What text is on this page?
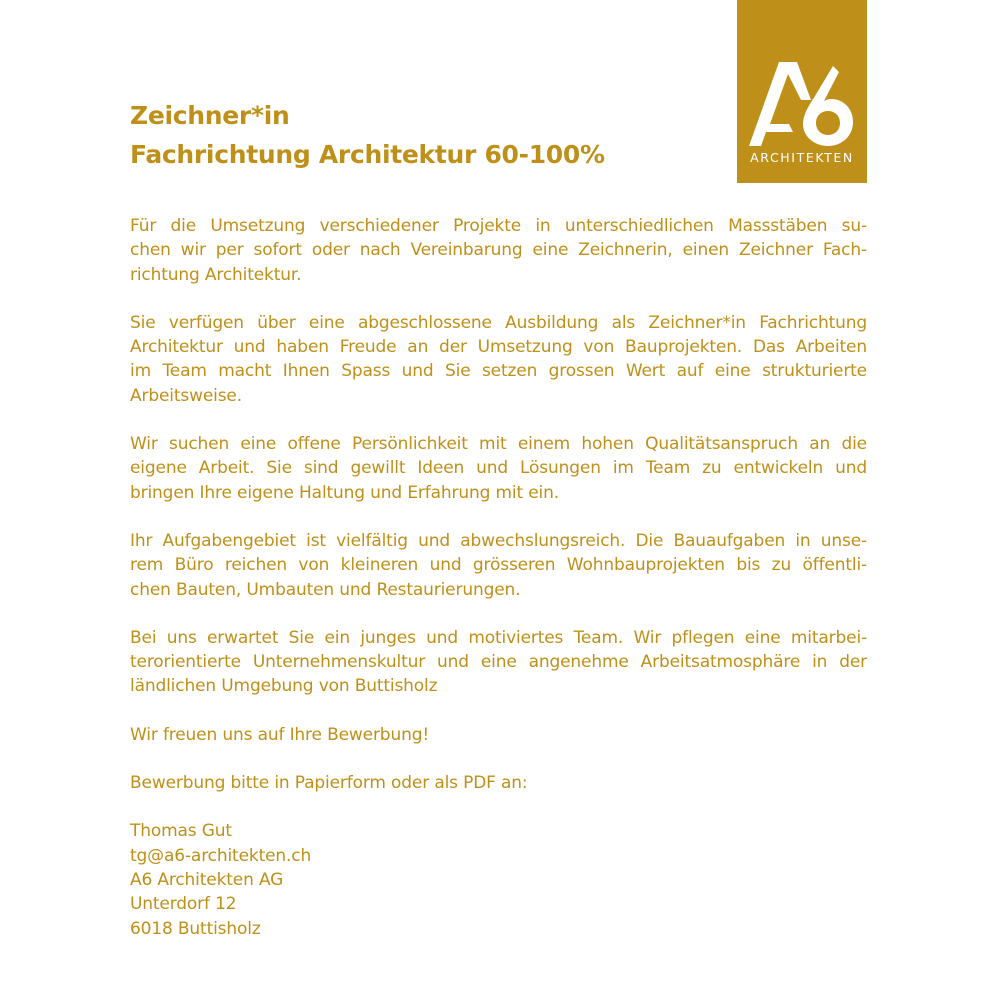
ARCHITEKTEN
Zeichner*in
Fachrichtung Architektur 60-100%

Für die Umsetzung verschiedener Projekte in unterschiedlichen Massstäben su-
chen wir per sofort oder nach Vereinbarung eine Zeichnerin, einen Zeichner Fach-
richtung Architektur.

Sie verfügen über eine abgeschlossene Ausbildung als Zeichner*in Fachrichtung
Architektur und haben Freude an der Umsetzung von Bauprojekten. Das Arbeiten
im Team macht Ihnen Spass und Sie setzen grossen Wert auf eine strukturierte
Arbeitsweise.

Wir suchen eine offene Persönlichkeit mit einem hohen Qualitätsanspruch an die
eigene Arbeit. Sie sind gewillt Ideen und Lösungen im Team zu entwickeln und
bringen Ihre eigene Haltung und Erfahrung mit ein.

Ihr Aufgabengebiet ist vielfältig und abwechslungsreich. Die Bauaufgaben in unse-
rem Büro reichen von kleineren und grösseren Wohnbauprojekten bis zu öffentli-
chen Bauten, Umbauten und Restaurierungen.

Bei uns erwartet Sie ein junges und motiviertes Team. Wir pflegen eine mitarbei-
terorientierte Unternehmenskultur und eine angenehme Arbeitsatmosphäre in der
ländlichen Umgebung von Buttisholz

Wir freuen uns auf Ihre Bewerbung!

Bewerbung bitte in Papierform oder als PDF an:

Thomas Gut
tg@a6-architekten.ch
A6 Architekten AG
Unterdorf 12
6018 Buttisholz
